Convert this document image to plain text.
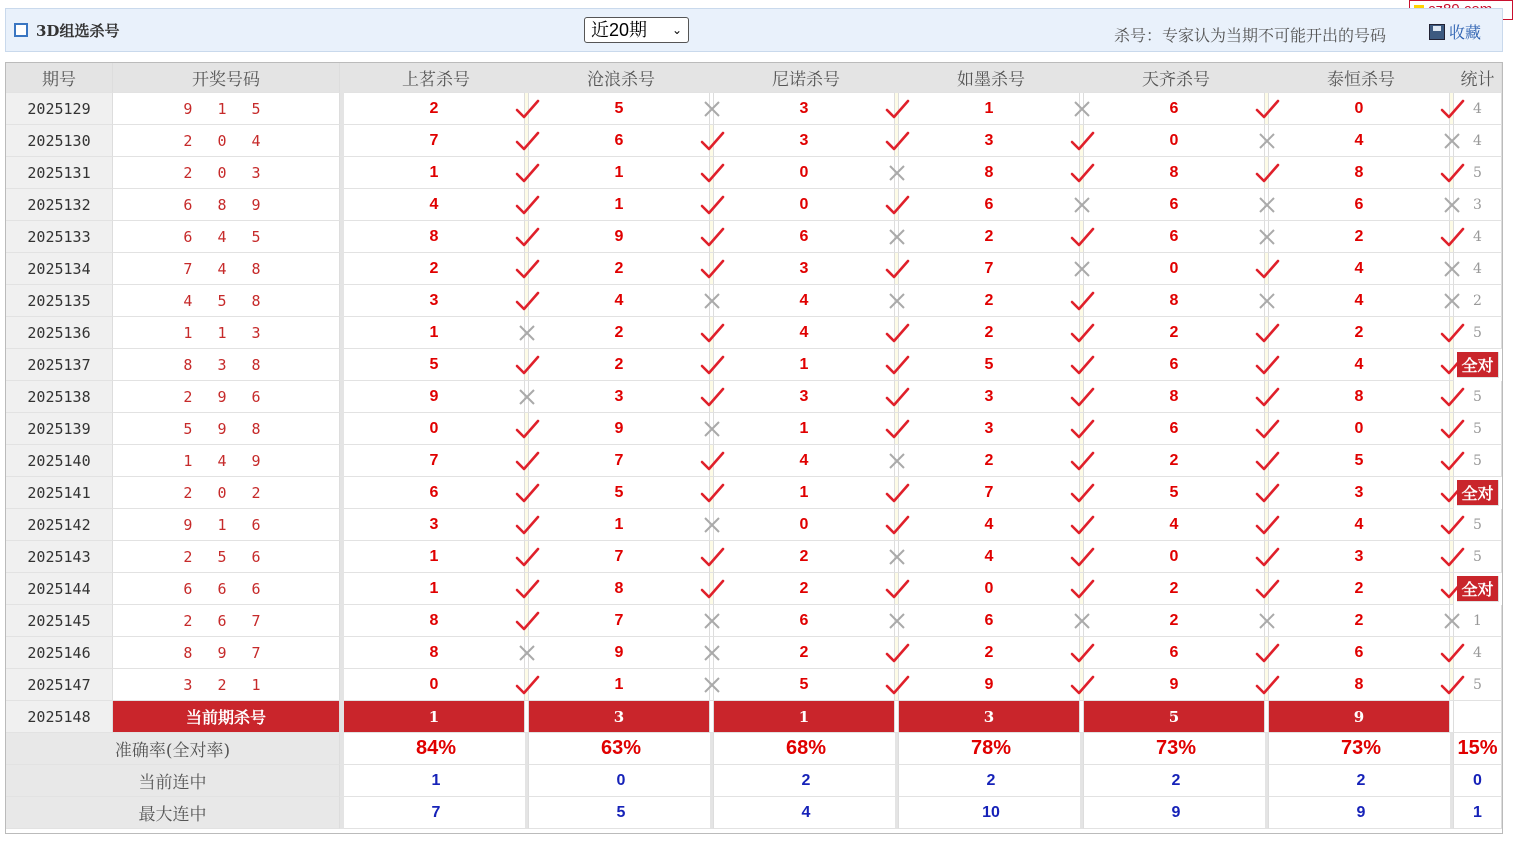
3D组选杀号	近20期 ⌄	杀号：专家认为当期不可能开出的号码	收藏
期号	开奖号码	上茗杀号	沧浪杀号	尼诺杀号	如墨杀号	天齐杀号	泰恒杀号	统计
2025129	9 1 5	2	5	3	1	6	0	4
2025130	2 0 4	7	6	3	3	0	4	4
2025131	2 0 3	1	1	0	8	8	8	5
2025132	6 8 9	4	1	0	6	6	6	3
2025133	6 4 5	8	9	6	2	6	2	4
2025134	7 4 8	2	2	3	7	0	4	4
2025135	4 5 8	3	4	4	2	8	4	2
2025136	1 1 3	1	2	4	2	2	2	5
2025137	8 3 8	5	2	1	5	6	4	全对
2025138	2 9 6	9	3	3	3	8	8	5
2025139	5 9 8	0	9	1	3	6	0	5
2025140	1 4 9	7	7	4	2	2	5	5
2025141	2 0 2	6	5	1	7	5	3	全对
2025142	9 1 6	3	1	0	4	4	4	5
2025143	2 5 6	1	7	2	4	0	3	5
2025144	6 6 6	1	8	2	0	2	2	全对
2025145	2 6 7	8	7	6	6	2	2	1
2025146	8 9 7	8	9	2	2	6	6	4
2025147	3 2 1	0	1	5	9	9	8	5
2025148	当前期杀号	1	3	1	3	5	9
准确率(全对率)	84%	63%	68%	78%	73%	73%	15%
当前连中	1	0	2	2	2	2	0
最大连中	7	5	4	10	9	9	1
